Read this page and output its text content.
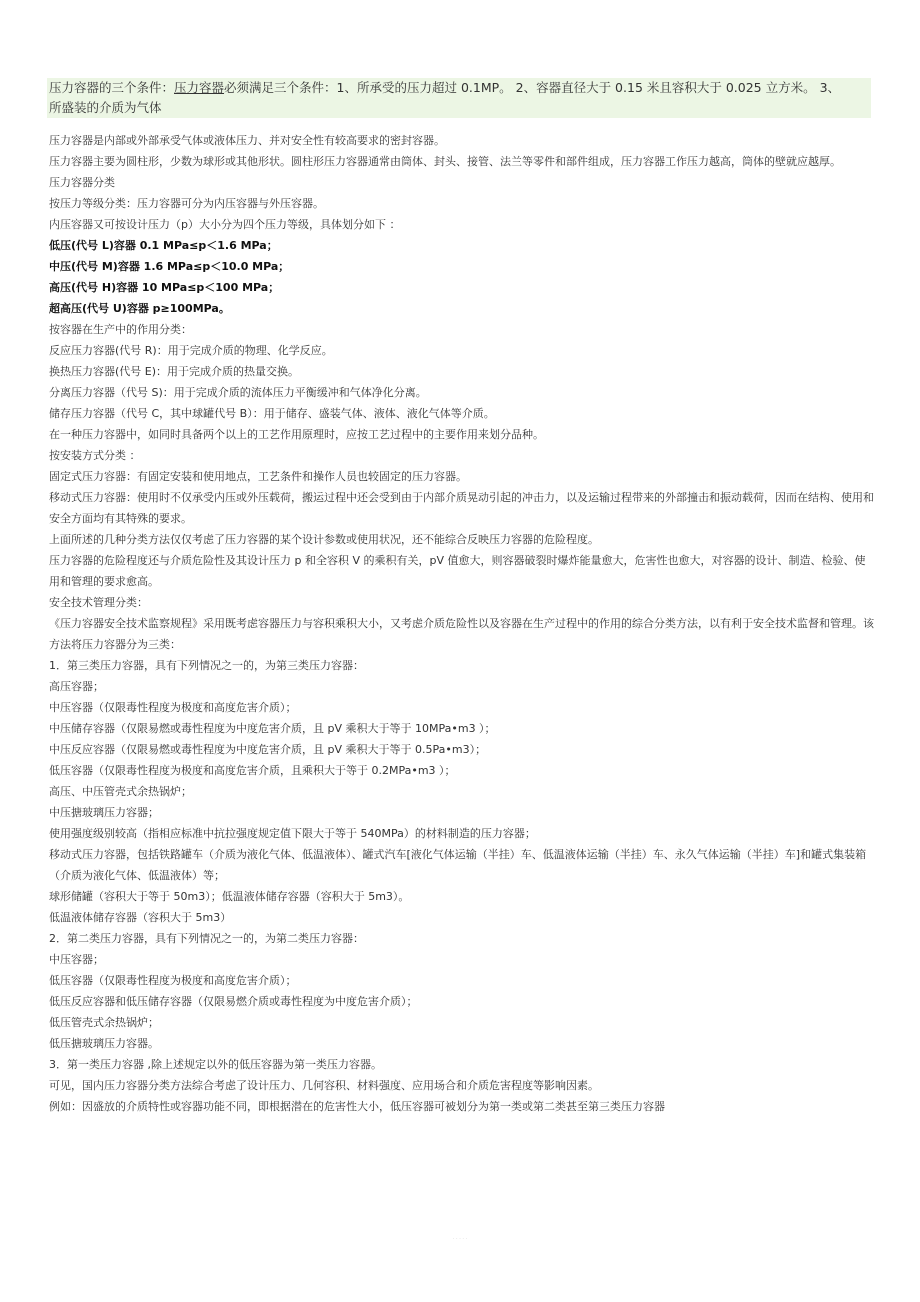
压力容器的三个条件：压力容器必须满足三个条件：1、所承受的压力超过 0.1MP。 2、容器直径大于 0.15 米且容积大于 0.025 立方米。 3、
所盛装的介质为气体
压力容器是内部或外部承受气体或液体压力、并对安全性有较高要求的密封容器。
压力容器主要为圆柱形，少数为球形或其他形状。圆柱形压力容器通常由筒体、封头、接管、法兰等零件和部件组成，压力容器工作压力越高，筒体的壁就应越厚。
压力容器分类
按压力等级分类：压力容器可分为内压容器与外压容器。
内压容器又可按设计压力（p）大小分为四个压力等级，具体划分如下 ：
低压(代号 L)容器 0.1 MPa≤p＜1.6 MPa；
中压(代号 M)容器 1.6 MPa≤p＜10.0 MPa；
高压(代号 H)容器 10 MPa≤p＜100 MPa；
超高压(代号 U)容器 p≥100MPa。
按容器在生产中的作用分类：
反应压力容器(代号 R)：用于完成介质的物理、化学反应。
换热压力容器(代号 E)：用于完成介质的热量交换。
分离压力容器（代号 S)：用于完成介质的流体压力平衡缓冲和气体净化分离。
储存压力容器（代号 C，其中球罐代号 B）：用于储存、盛装气体、液体、液化气体等介质。
在一种压力容器中，如同时具备两个以上的工艺作用原理时，应按工艺过程中的主要作用来划分品种。
按安装方式分类 ：
固定式压力容器：有固定安装和使用地点，工艺条件和操作人员也较固定的压力容器。
移动式压力容器：使用时不仅承受内压或外压载荷，搬运过程中还会受到由于内部介质晃动引起的冲击力，以及运输过程带来的外部撞击和振动载荷，因而在结构、使用和安全方面均有其特殊的要求。
上面所述的几种分类方法仅仅考虑了压力容器的某个设计参数或使用状况，还不能综合反映压力容器的危险程度。
压力容器的危险程度还与介质危险性及其设计压力 p 和全容积 V 的乘积有关，pV 值愈大，则容器破裂时爆炸能量愈大，危害性也愈大，对容器的设计、制造、检验、使用和管理的要求愈高。
安全技术管理分类：
《压力容器安全技术监察规程》采用既考虑容器压力与容积乘积大小，又考虑介质危险性以及容器在生产过程中的作用的综合分类方法，以有利于安全技术监督和管理。该方法将压力容器分为三类：
1．第三类压力容器，具有下列情况之一的，为第三类压力容器：
高压容器；
中压容器（仅限毒性程度为极度和高度危害介质）；
中压储存容器（仅限易燃或毒性程度为中度危害介质，且 pV 乘积大于等于 10MPa•m3 ）；
中压反应容器（仅限易燃或毒性程度为中度危害介质，且 pV 乘积大于等于 0.5Pa•m3）；
低压容器（仅限毒性程度为极度和高度危害介质，且乘积大于等于 0.2MPa•m3 ）；
高压、中压管壳式余热锅炉；
中压搪玻璃压力容器；
使用强度级别较高（指相应标准中抗拉强度规定值下限大于等于 540MPa）的材料制造的压力容器；
移动式压力容器，包括铁路罐车（介质为液化气体、低温液体）、罐式汽车[液化气体运输（半挂）车、低温液体运输（半挂）车、永久气体运输（半挂）车]和罐式集装箱（介质为液化气体、低温液体）等；
球形储罐（容积大于等于 50m3）；低温液体储存容器（容积大于 5m3）。
低温液体储存容器（容积大于 5m3）
2．第二类压力容器，具有下列情况之一的，为第二类压力容器：
中压容器；
低压容器（仅限毒性程度为极度和高度危害介质）；
低压反应容器和低压储存容器（仅限易燃介质或毒性程度为中度危害介质）；
低压管壳式余热锅炉；
低压搪玻璃压力容器。
3．第一类压力容器 ,除上述规定以外的低压容器为第一类压力容器。
可见，国内压力容器分类方法综合考虑了设计压力、几何容积、材料强度、应用场合和介质危害程度等影响因素。
例如：因盛放的介质特性或容器功能不同，即根据潜在的危害性大小，低压容器可被划分为第一类或第二类甚至第三类压力容器
· · · · ·
